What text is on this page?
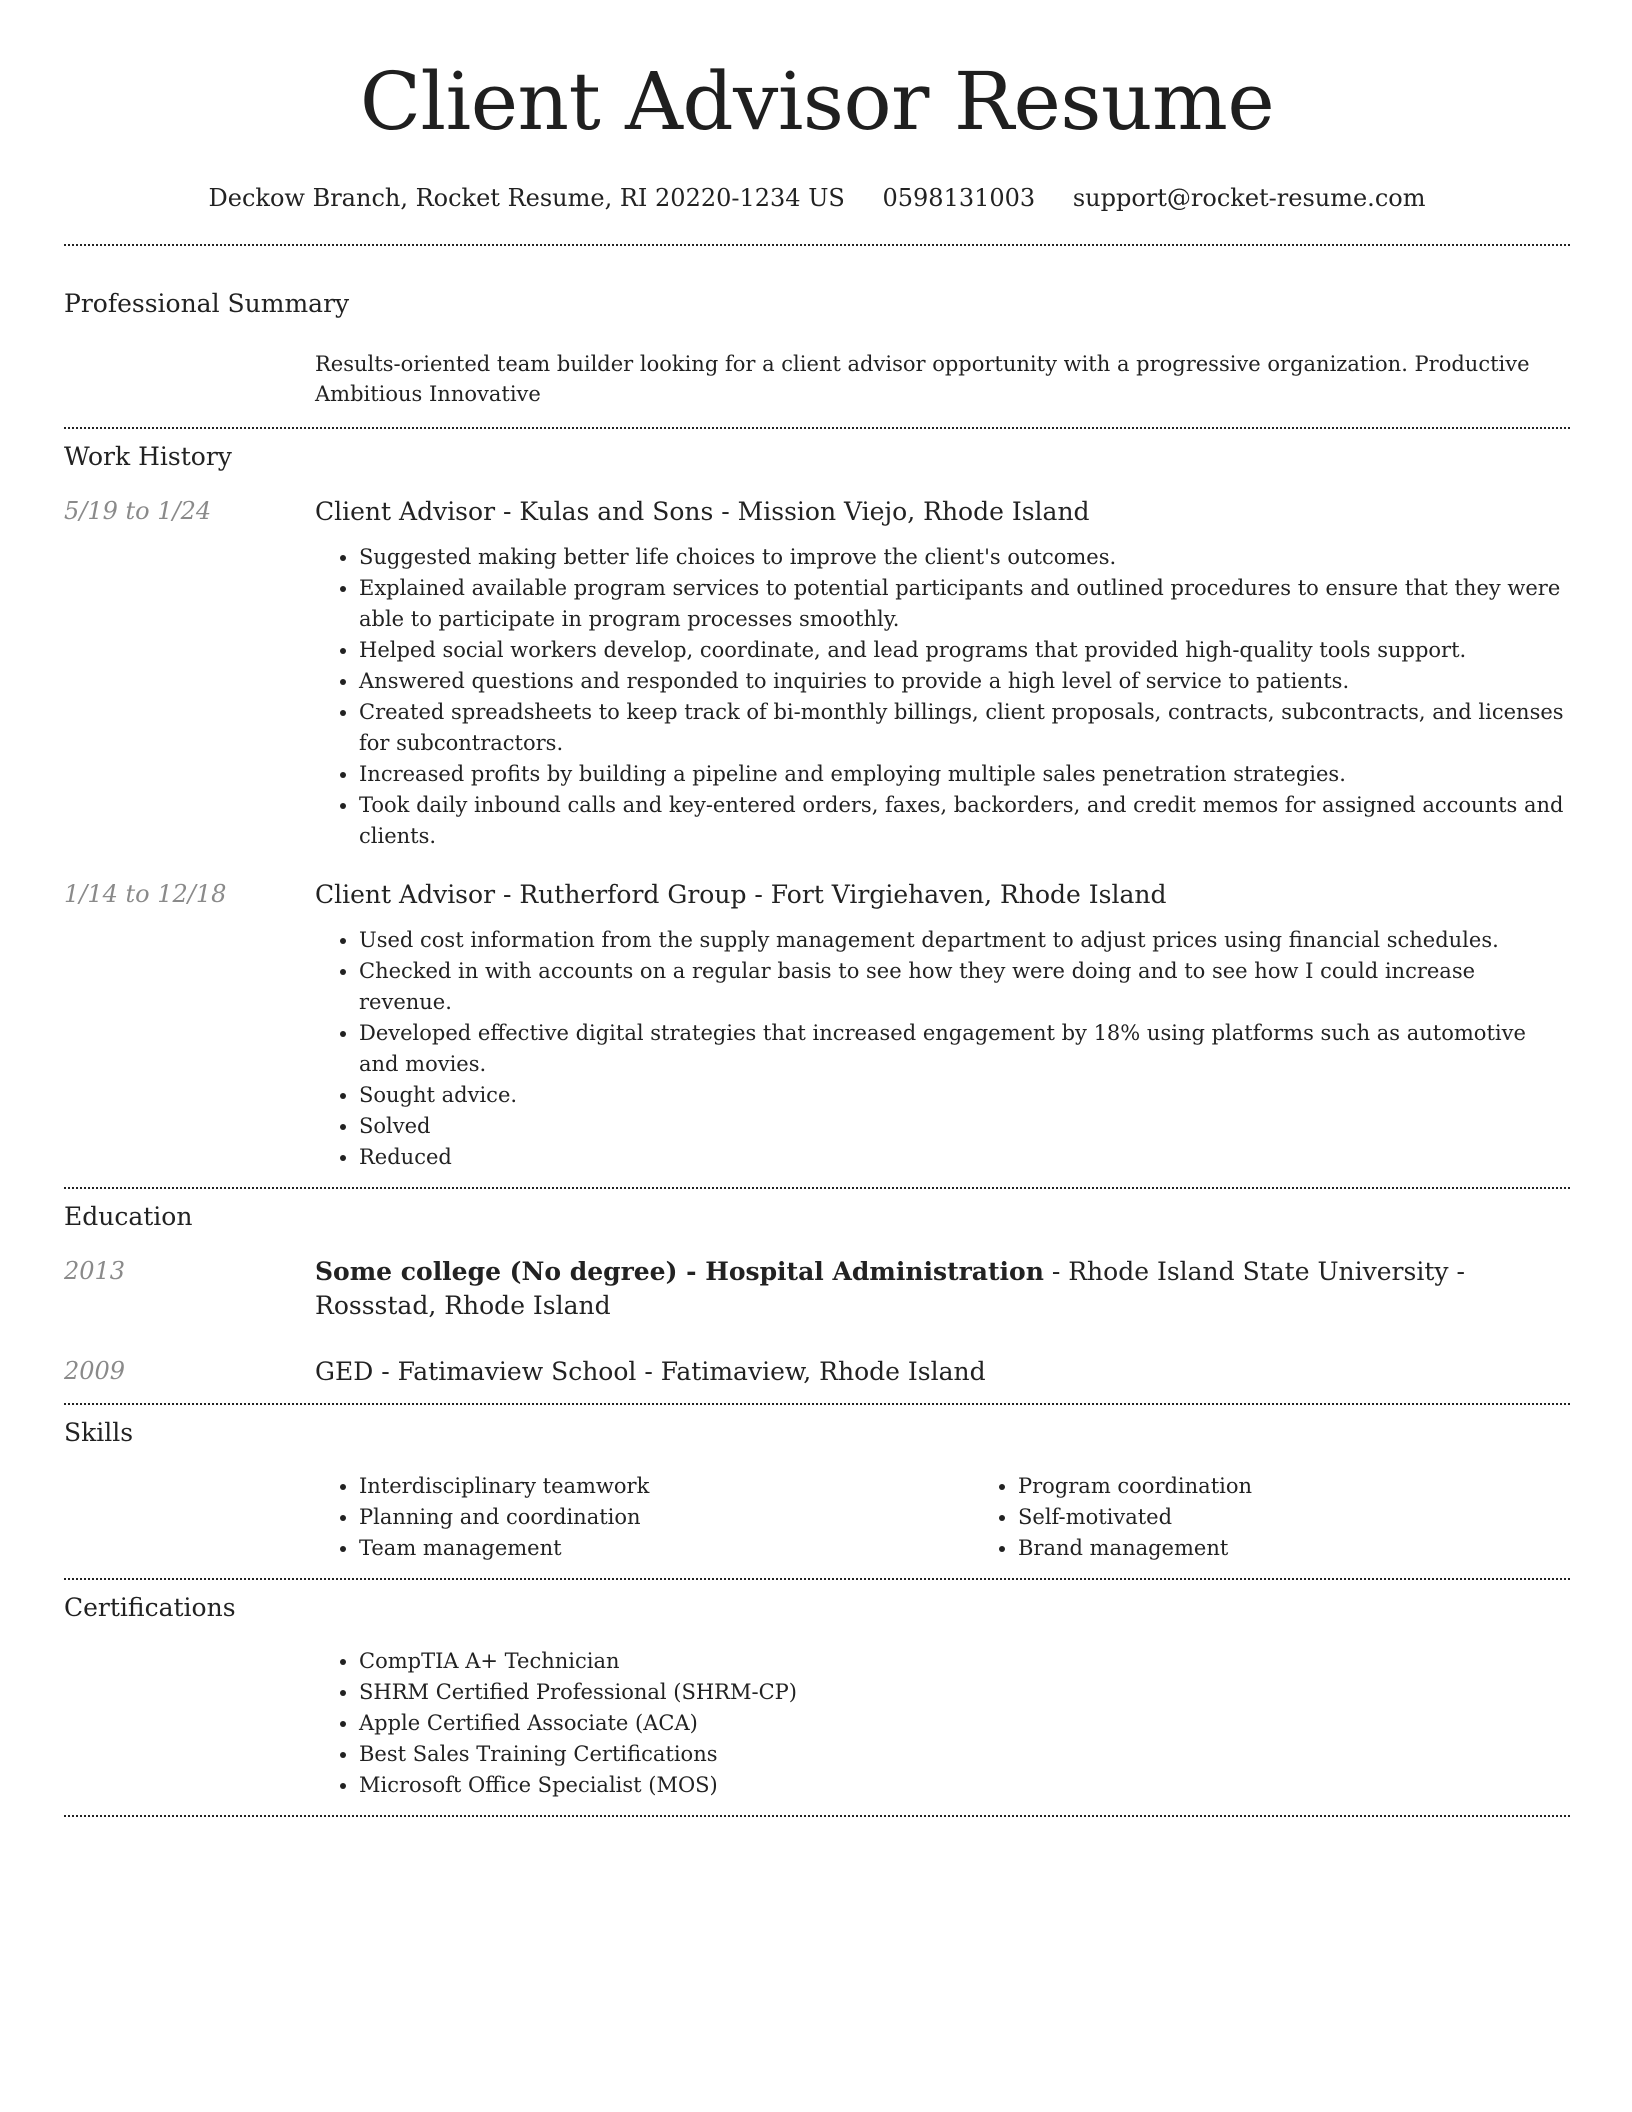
Client Advisor Resume
Deckow Branch, Rocket Resume, RI 20220-1234 US 0598131003 support@rocket-resume.com
Professional Summary
Results-oriented team builder looking for a client advisor opportunity with a progressive organization. Productive Ambitious Innovative
Work History
5/19 to 1/24	Client Advisor - Kulas and Sons - Mission Viejo, Rhode Island
• Suggested making better life choices to improve the client's outcomes.
• Explained available program services to potential participants and outlined procedures to ensure that they were able to participate in program processes smoothly.
• Helped social workers develop, coordinate, and lead programs that provided high-quality tools support.
• Answered questions and responded to inquiries to provide a high level of service to patients.
• Created spreadsheets to keep track of bi-monthly billings, client proposals, contracts, subcontracts, and licenses for subcontractors.
• Increased profits by building a pipeline and employing multiple sales penetration strategies.
• Took daily inbound calls and key-entered orders, faxes, backorders, and credit memos for assigned accounts and clients.
1/14 to 12/18	Client Advisor - Rutherford Group - Fort Virgiehaven, Rhode Island
• Used cost information from the supply management department to adjust prices using financial schedules.
• Checked in with accounts on a regular basis to see how they were doing and to see how I could increase revenue.
• Developed effective digital strategies that increased engagement by 18% using platforms such as automotive and movies.
• Sought advice.
• Solved
• Reduced
Education
2013	Some college (No degree) - Hospital Administration - Rhode Island State University - Rossstad, Rhode Island
2009	GED - Fatimaview School - Fatimaview, Rhode Island
Skills
• Interdisciplinary teamwork
• Planning and coordination
• Team management
• Program coordination
• Self-motivated
• Brand management
Certifications
• CompTIA A+ Technician
• SHRM Certified Professional (SHRM-CP)
• Apple Certified Associate (ACA)
• Best Sales Training Certifications
• Microsoft Office Specialist (MOS)
